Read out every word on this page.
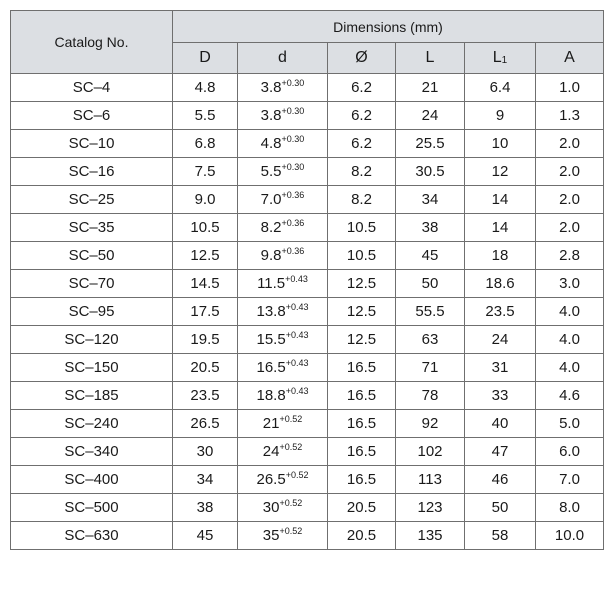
Catalog No.	Dimensions (mm)					
	D	d	Ø	L	L1	A
SC–4	4.8	$3.8^{+0.30}$	6.2	21	6.4	1.0
SC–6	5.5	$3.8^{+0.30}$	6.2	24	9	1.3
SC–10	6.8	$4.8^{+0.30}$	6.2	25.5	10	2.0
SC–16	7.5	$5.5^{+0.30}$	8.2	30.5	12	2.0
SC–25	9.0	$7.0^{+0.36}$	8.2	34	14	2.0
SC–35	10.5	$8.2^{+0.36}$	10.5	38	14	2.0
SC–50	12.5	$9.8^{+0.36}$	10.5	45	18	2.8
SC–70	14.5	$11.5^{+0.43}$	12.5	50	18.6	3.0
SC–95	17.5	$13.8^{+0.43}$	12.5	55.5	23.5	4.0
SC–120	19.5	$15.5^{+0.43}$	12.5	63	24	4.0
SC–150	20.5	$16.5^{+0.43}$	16.5	71	31	4.0
SC–185	23.5	$18.8^{+0.43}$	16.5	78	33	4.6
SC–240	26.5	$21^{+0.52}$	16.5	92	40	5.0
SC–340	30	$24^{+0.52}$	16.5	102	47	6.0
SC–400	34	$26.5^{+0.52}$	16.5	113	46	7.0
SC–500	38	$30^{+0.52}$	20.5	123	50	8.0
SC–630	45	$35^{+0.52}$	20.5	135	58	10.0
